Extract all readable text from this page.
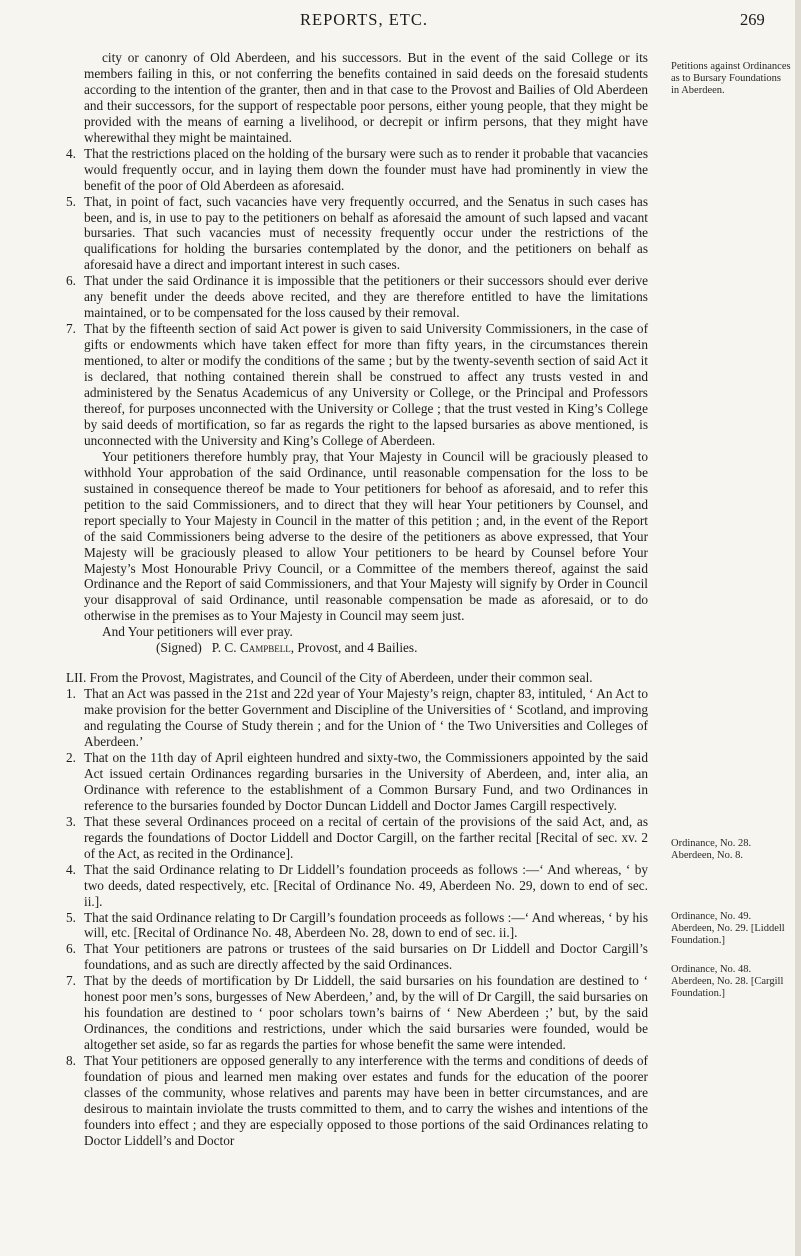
REPORTS, ETC.	269

city or canonry of Old Aberdeen, and his successors. But in the event of the said College or its members failing in this, or not conferring the benefits contained in said deeds on the foresaid students according to the intention of the granter, then and in that case to the Provost and Bailies of Old Aberdeen and their successors, for the support of respectable poor persons, either young people, that they might be provided with the means of earning a livelihood, or decrepit or infirm persons, that they might have wherewithal they might be maintained.

4. That the restrictions placed on the holding of the bursary were such as to render it probable that vacancies would frequently occur, and in laying them down the founder must have had prominently in view the benefit of the poor of Old Aberdeen as aforesaid.

5. That, in point of fact, such vacancies have very frequently occurred, and the Senatus in such cases has been, and is, in use to pay to the petitioners on behalf as aforesaid the amount of such lapsed and vacant bursaries. That such vacancies must of necessity frequently occur under the restrictions of the qualifications for holding the bursaries contemplated by the donor, and the petitioners on behalf as aforesaid have a direct and important interest in such cases.

6. That under the said Ordinance it is impossible that the petitioners or their successors should ever derive any benefit under the deeds above recited, and they are therefore entitled to have the limitations maintained, or to be compensated for the loss caused by their removal.

7. That by the fifteenth section of said Act power is given to said University Commissioners, in the case of gifts or endowments which have taken effect for more than fifty years, in the circumstances therein mentioned, to alter or modify the conditions of the same ; but by the twenty-seventh section of said Act it is declared, that nothing contained therein shall be construed to affect any trusts vested in and administered by the Senatus Academicus of any University or College, or the Principal and Professors thereof, for purposes unconnected with the University or College ; that the trust vested in King’s College by said deeds of mortification, so far as regards the right to the lapsed bursaries as above mentioned, is unconnected with the University and King’s College of Aberdeen.

Your petitioners therefore humbly pray, that Your Majesty in Council will be graciously pleased to withhold Your approbation of the said Ordinance, until reasonable compensation for the loss to be sustained in consequence thereof be made to Your petitioners for behoof as aforesaid, and to refer this petition to the said Commissioners, and to direct that they will hear Your petitioners by Counsel, and report specially to Your Majesty in Council in the matter of this petition ; and, in the event of the Report of the said Commissioners being adverse to the desire of the petitioners as above expressed, that Your Majesty will be graciously pleased to allow Your petitioners to be heard by Counsel before Your Majesty’s Most Honourable Privy Council, or a Committee of the members thereof, against the said Ordinance and the Report of said Commissioners, and that Your Majesty will signify by Order in Council your disapproval of said Ordinance, until reasonable compensation be made as aforesaid, or to do otherwise in the premises as to Your Majesty in Council may seem just.

And Your petitioners will ever pray.

(Signed) P. C. Campbell, Provost, and 4 Bailies.

LII. From the Provost, Magistrates, and Council of the City of Aberdeen, under their common seal.

1. That an Act was passed in the 21st and 22d year of Your Majesty’s reign, chapter 83, intituled, ‘ An Act to make provision for the better Government and Discipline of the Universities of ‘ Scotland, and improving and regulating the Course of Study therein ; and for the Union of ‘ the Two Universities and Colleges of Aberdeen.’

2. That on the 11th day of April eighteen hundred and sixty-two, the Commissioners appointed by the said Act issued certain Ordinances regarding bursaries in the University of Aberdeen, and, inter alia, an Ordinance with reference to the establishment of a Common Bursary Fund, and two Ordinances in reference to the bursaries founded by Doctor Duncan Liddell and Doctor James Cargill respectively.

3. That these several Ordinances proceed on a recital of certain of the provisions of the said Act, and, as regards the foundations of Doctor Liddell and Doctor Cargill, on the farther recital [Recital of sec. xv. 2 of the Act, as recited in the Ordinance].

4. That the said Ordinance relating to Dr Liddell’s foundation proceeds as follows :—‘ And whereas, ‘ by two deeds, dated respectively, etc. [Recital of Ordinance No. 49, Aberdeen No. 29, down to end of sec. ii.].

5. That the said Ordinance relating to Dr Cargill’s foundation proceeds as follows :—‘ And whereas, ‘ by his will, etc. [Recital of Ordinance No. 48, Aberdeen No. 28, down to end of sec. ii.].

6. That Your petitioners are patrons or trustees of the said bursaries on Dr Liddell and Doctor Cargill’s foundations, and as such are directly affected by the said Ordinances.

7. That by the deeds of mortification by Dr Liddell, the said bursaries on his foundation are destined to ‘ honest poor men’s sons, burgesses of New Aberdeen,’ and, by the will of Dr Cargill, the said bursaries on his foundation are destined to ‘ poor scholars town’s bairns of ‘ New Aberdeen ;’ but, by the said Ordinances, the conditions and restrictions, under which the said bursaries were founded, would be altogether set aside, so far as regards the parties for whose benefit the same were intended.

8. That Your petitioners are opposed generally to any interference with the terms and conditions of deeds of foundation of pious and learned men making over estates and funds for the education of the poorer classes of the community, whose relatives and parents may have been in better circumstances, and are desirous to maintain inviolate the trusts committed to them, and to carry the wishes and intentions of the founders into effect ; and they are especially opposed to those portions of the said Ordinances relating to Doctor Liddell’s and Doctor

Petitions against Ordinances as to Bursary Foundations in Aberdeen.
Ordinance, No. 28. Aberdeen, No. 8.
Ordinance, No. 49. Aberdeen, No. 29. [Liddell Foundation.]
Ordinance, No. 48. Aberdeen, No. 28. [Cargill Foundation.]
